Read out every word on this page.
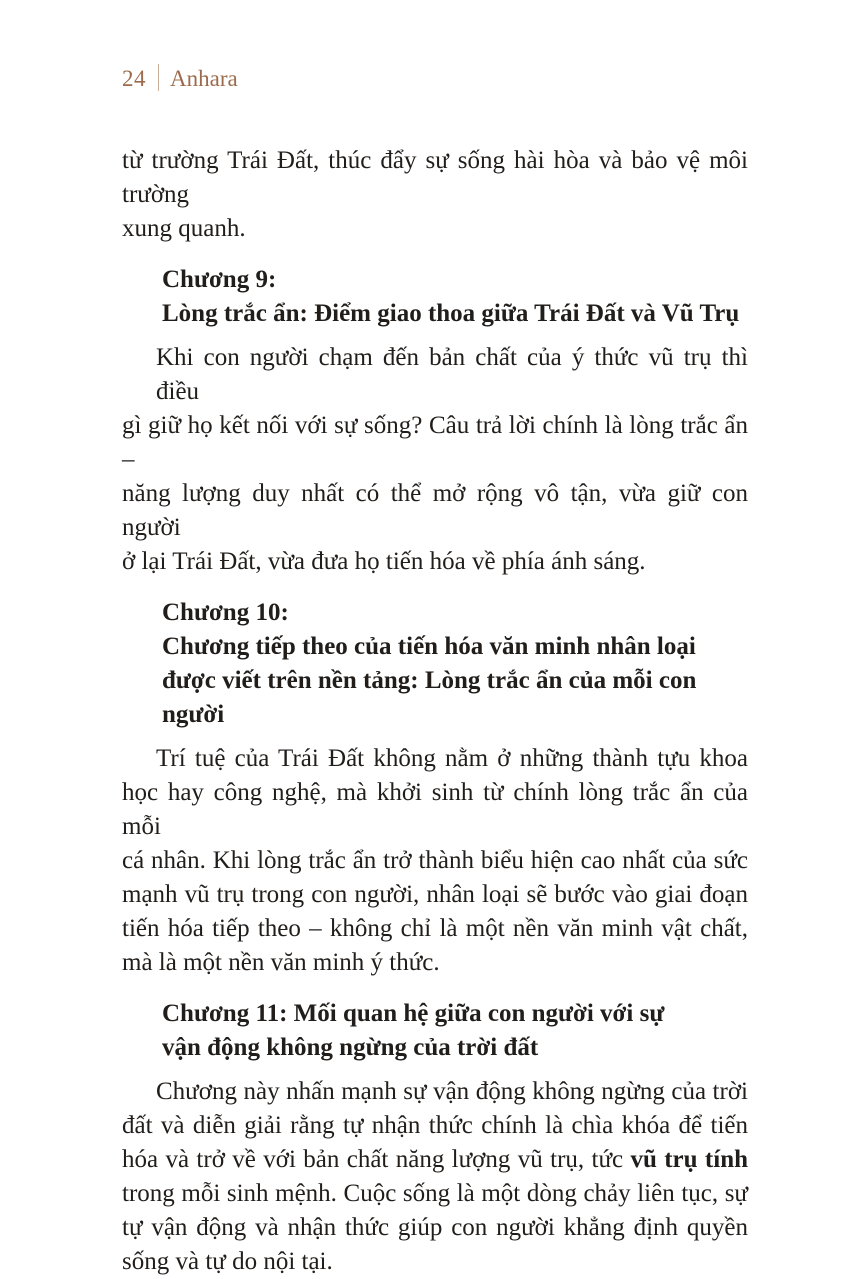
24 Anhara

từ trường Trái Đất, thúc đẩy sự sống hài hòa và bảo vệ môi trường
xung quanh.

Chương 9:
Lòng trắc ẩn: Điểm giao thoa giữa Trái Đất và Vũ Trụ

Khi con người chạm đến bản chất của ý thức vũ trụ thì điều
gì giữ họ kết nối với sự sống? Câu trả lời chính là lòng trắc ẩn –
năng lượng duy nhất có thể mở rộng vô tận, vừa giữ con người
ở lại Trái Đất, vừa đưa họ tiến hóa về phía ánh sáng.

Chương 10:
Chương tiếp theo của tiến hóa văn minh nhân loại
được viết trên nền tảng: Lòng trắc ẩn của mỗi con người

Trí tuệ của Trái Đất không nằm ở những thành tựu khoa
học hay công nghệ, mà khởi sinh từ chính lòng trắc ẩn của mỗi
cá nhân. Khi lòng trắc ẩn trở thành biểu hiện cao nhất của sức
mạnh vũ trụ trong con người, nhân loại sẽ bước vào giai đoạn
tiến hóa tiếp theo – không chỉ là một nền văn minh vật chất,
mà là một nền văn minh ý thức.

Chương 11: Mối quan hệ giữa con người với sự
vận động không ngừng của trời đất

Chương này nhấn mạnh sự vận động không ngừng của trời
đất và diễn giải rằng tự nhận thức chính là chìa khóa để tiến
hóa và trở về với bản chất năng lượng vũ trụ, tức vũ trụ tính
trong mỗi sinh mệnh. Cuộc sống là một dòng chảy liên tục, sự
tự vận động và nhận thức giúp con người khẳng định quyền
sống và tự do nội tại.
